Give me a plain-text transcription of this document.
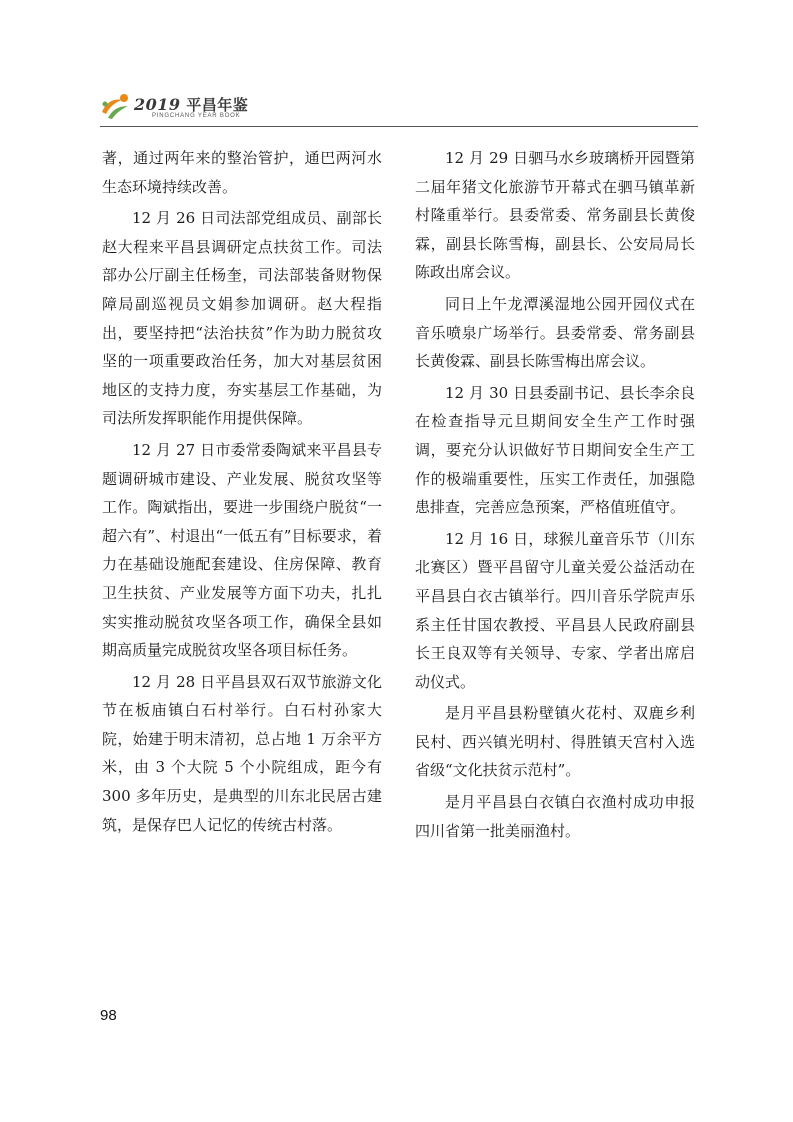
2019 平昌年鉴
PINGCHANG YEAR BOOK

著，通过两年来的整治管护，通巴两河水生态环境持续改善。

12 月 26 日司法部党组成员、副部长赵大程来平昌县调研定点扶贫工作。司法部办公厅副主任杨奎，司法部装备财物保障局副巡视员文娟参加调研。赵大程指出，要坚持把“法治扶贫”作为助力脱贫攻坚的一项重要政治任务，加大对基层贫困地区的支持力度，夯实基层工作基础，为司法所发挥职能作用提供保障。

12 月 27 日市委常委陶斌来平昌县专题调研城市建设、产业发展、脱贫攻坚等工作。陶斌指出，要进一步围绕户脱贫“一超六有”、村退出“一低五有”目标要求，着力在基础设施配套建设、住房保障、教育卫生扶贫、产业发展等方面下功夫，扎扎实实推动脱贫攻坚各项工作，确保全县如期高质量完成脱贫攻坚各项目标任务。

12 月 28 日平昌县双石双节旅游文化节在板庙镇白石村举行。白石村孙家大院，始建于明末清初，总占地 1 万余平方米，由 3 个大院 5 个小院组成，距今有 300 多年历史，是典型的川东北民居古建筑，是保存巴人记忆的传统古村落。

12 月 29 日驷马水乡玻璃桥开园暨第二届年猪文化旅游节开幕式在驷马镇革新村隆重举行。县委常委、常务副县长黄俊霖，副县长陈雪梅，副县长、公安局局长陈政出席会议。

同日上午龙潭溪湿地公园开园仪式在音乐喷泉广场举行。县委常委、常务副县长黄俊霖、副县长陈雪梅出席会议。

12 月 30 日县委副书记、县长李余良在检查指导元旦期间安全生产工作时强调，要充分认识做好节日期间安全生产工作的极端重要性，压实工作责任，加强隐患排查，完善应急预案，严格值班值守。

12 月 16 日，球猴儿童音乐节（川东北赛区）暨平昌留守儿童关爱公益活动在平昌县白衣古镇举行。四川音乐学院声乐系主任甘国农教授、平昌县人民政府副县长王良双等有关领导、专家、学者出席启动仪式。

是月平昌县粉壁镇火花村、双鹿乡利民村、西兴镇光明村、得胜镇天宫村入选省级“文化扶贫示范村”。

是月平昌县白衣镇白衣渔村成功申报四川省第一批美丽渔村。

98
